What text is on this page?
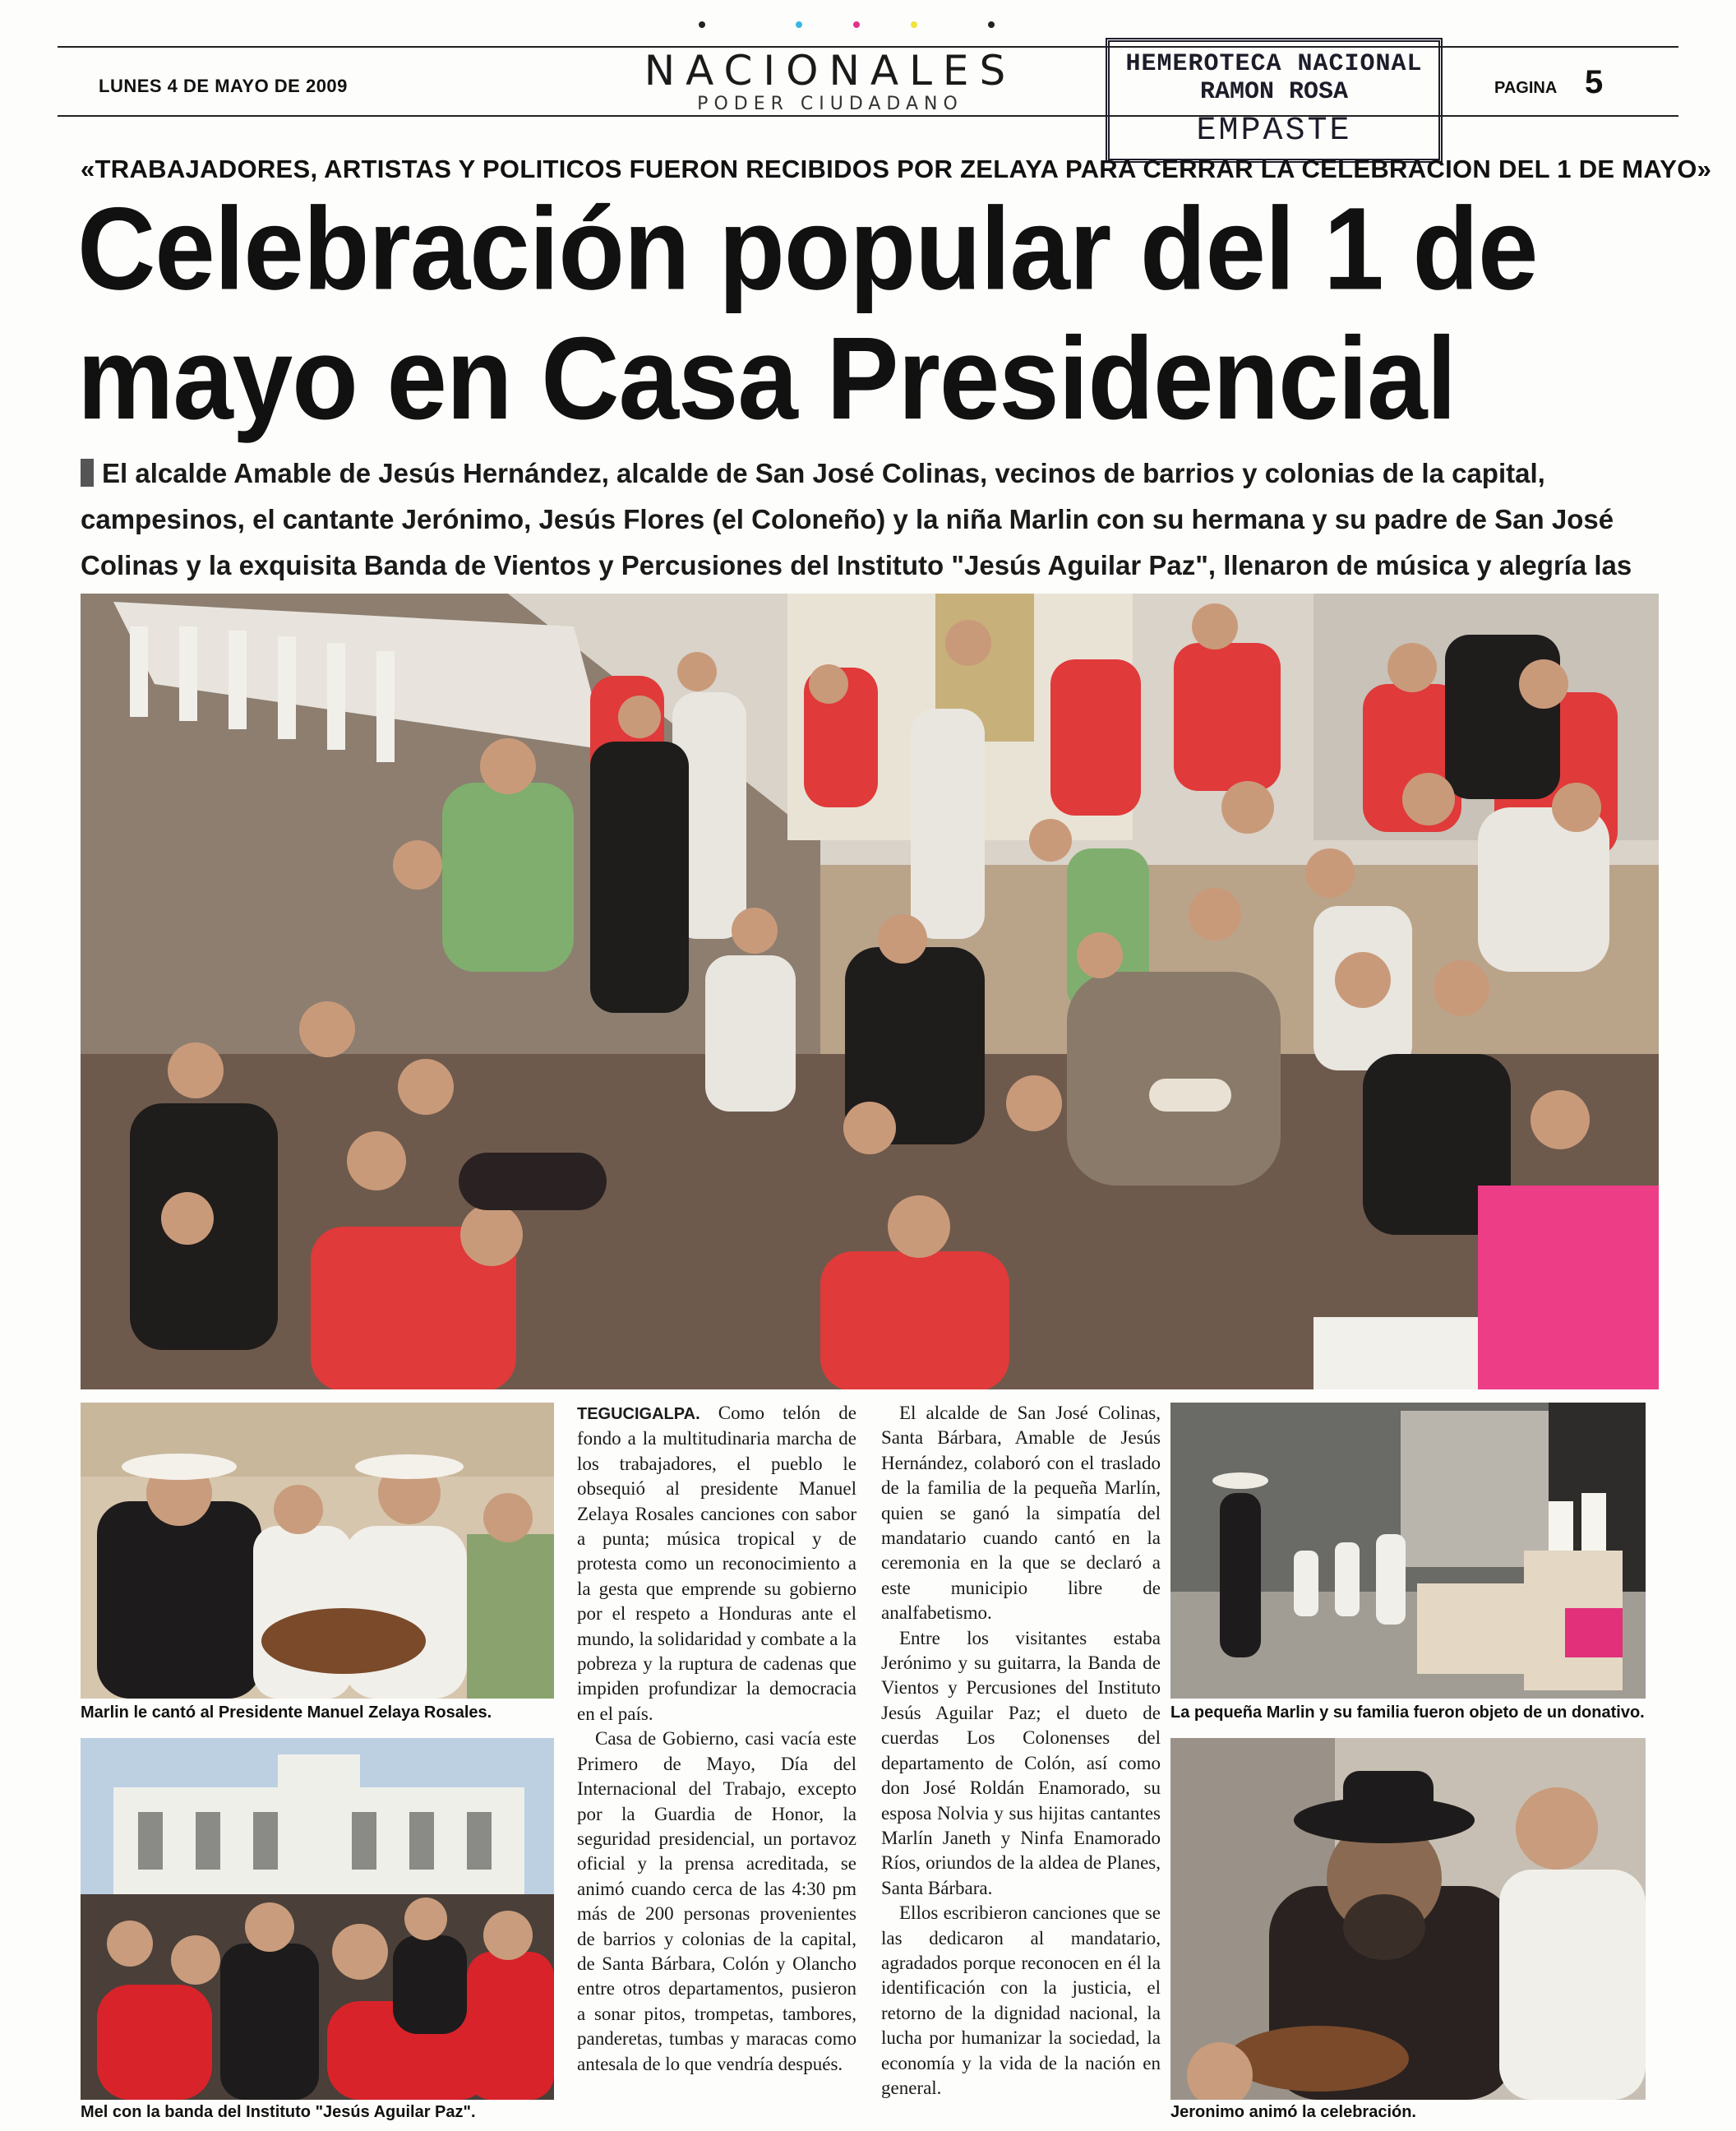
LUNES 4 DE MAYO DE 2009	NACIONALES
PODER CIUDADANO
PAGINA 5
HEMEROTECA NACIONAL
RAMON ROSA
EMPASTE
«TRABAJADORES, ARTISTAS Y POLITICOS FUERON RECIBIDOS POR ZELAYA PARA CERRAR LA CELEBRACION DEL 1 DE MAYO»
Celebración popular del 1 de mayo en Casa Presidencial
El alcalde Amable de Jesús Hernández, alcalde de San José Colinas, vecinos de barrios y colonias de la capital, campesinos, el cantante Jerónimo, Jesús Flores (el Coloneño) y la niña Marlin con su hermana y su padre de San José Colinas y la exquisita Banda de Vientos y Percusiones del Instituto "Jesús Aguilar Paz", llenaron de música y alegría las
Marlin le cantó al Presidente Manuel Zelaya Rosales.
Mel con la banda del Instituto "Jesús Aguilar Paz".

TEGUCIGALPA. Como telón de fondo a la multitudinaria marcha de los trabajadores, el pueblo le obsequió al presidente Manuel Zelaya Rosales canciones con sabor a punta; música tropical y de protesta como un reconocimiento a la gesta que emprende su gobierno por el respeto a Honduras ante el mundo, la solidaridad y combate a la pobreza y la ruptura de cadenas que impiden profundizar la democracia en el país.

Casa de Gobierno, casi vacía este Primero de Mayo, Día del Internacional del Trabajo, excepto por la Guardia de Honor, la seguridad presidencial, un portavoz oficial y la prensa acreditada, se animó cuando cerca de las 4:30 pm más de 200 personas provenientes de barrios y colonias de la capital, de Santa Bárbara, Colón y Olancho entre otros departamentos, pusieron a sonar pitos, trompetas, tambores, panderetas, tumbas y maracas como antesala de lo que vendría después.

El alcalde de San José Colinas, Santa Bárbara, Amable de Jesús Hernández, colaboró con el traslado de la familia de la pequeña Marlín, quien se ganó la simpatía del mandatario cuando cantó en la ceremonia en la que se declaró a este municipio libre de analfabetismo.

Entre los visitantes estaba Jerónimo y su guitarra, la Banda de Vientos y Percusiones del Instituto Jesús Aguilar Paz; el dueto de cuerdas Los Colonenses del departamento de Colón, así como don José Roldán Enamorado, su esposa Nolvia y sus hijitas cantantes Marlín Janeth y Ninfa Enamorado Ríos, oriundos de la aldea de Planes, Santa Bárbara.

Ellos escribieron canciones que se las dedicaron al mandatario, agradados porque reconocen en él la identificación con la justicia, el retorno de la dignidad nacional, la lucha por humanizar la sociedad, la economía y la vida de la nación en general.

La pequeña Marlin y su familia fueron objeto de un donativo.
Jeronimo animó la celebración.
